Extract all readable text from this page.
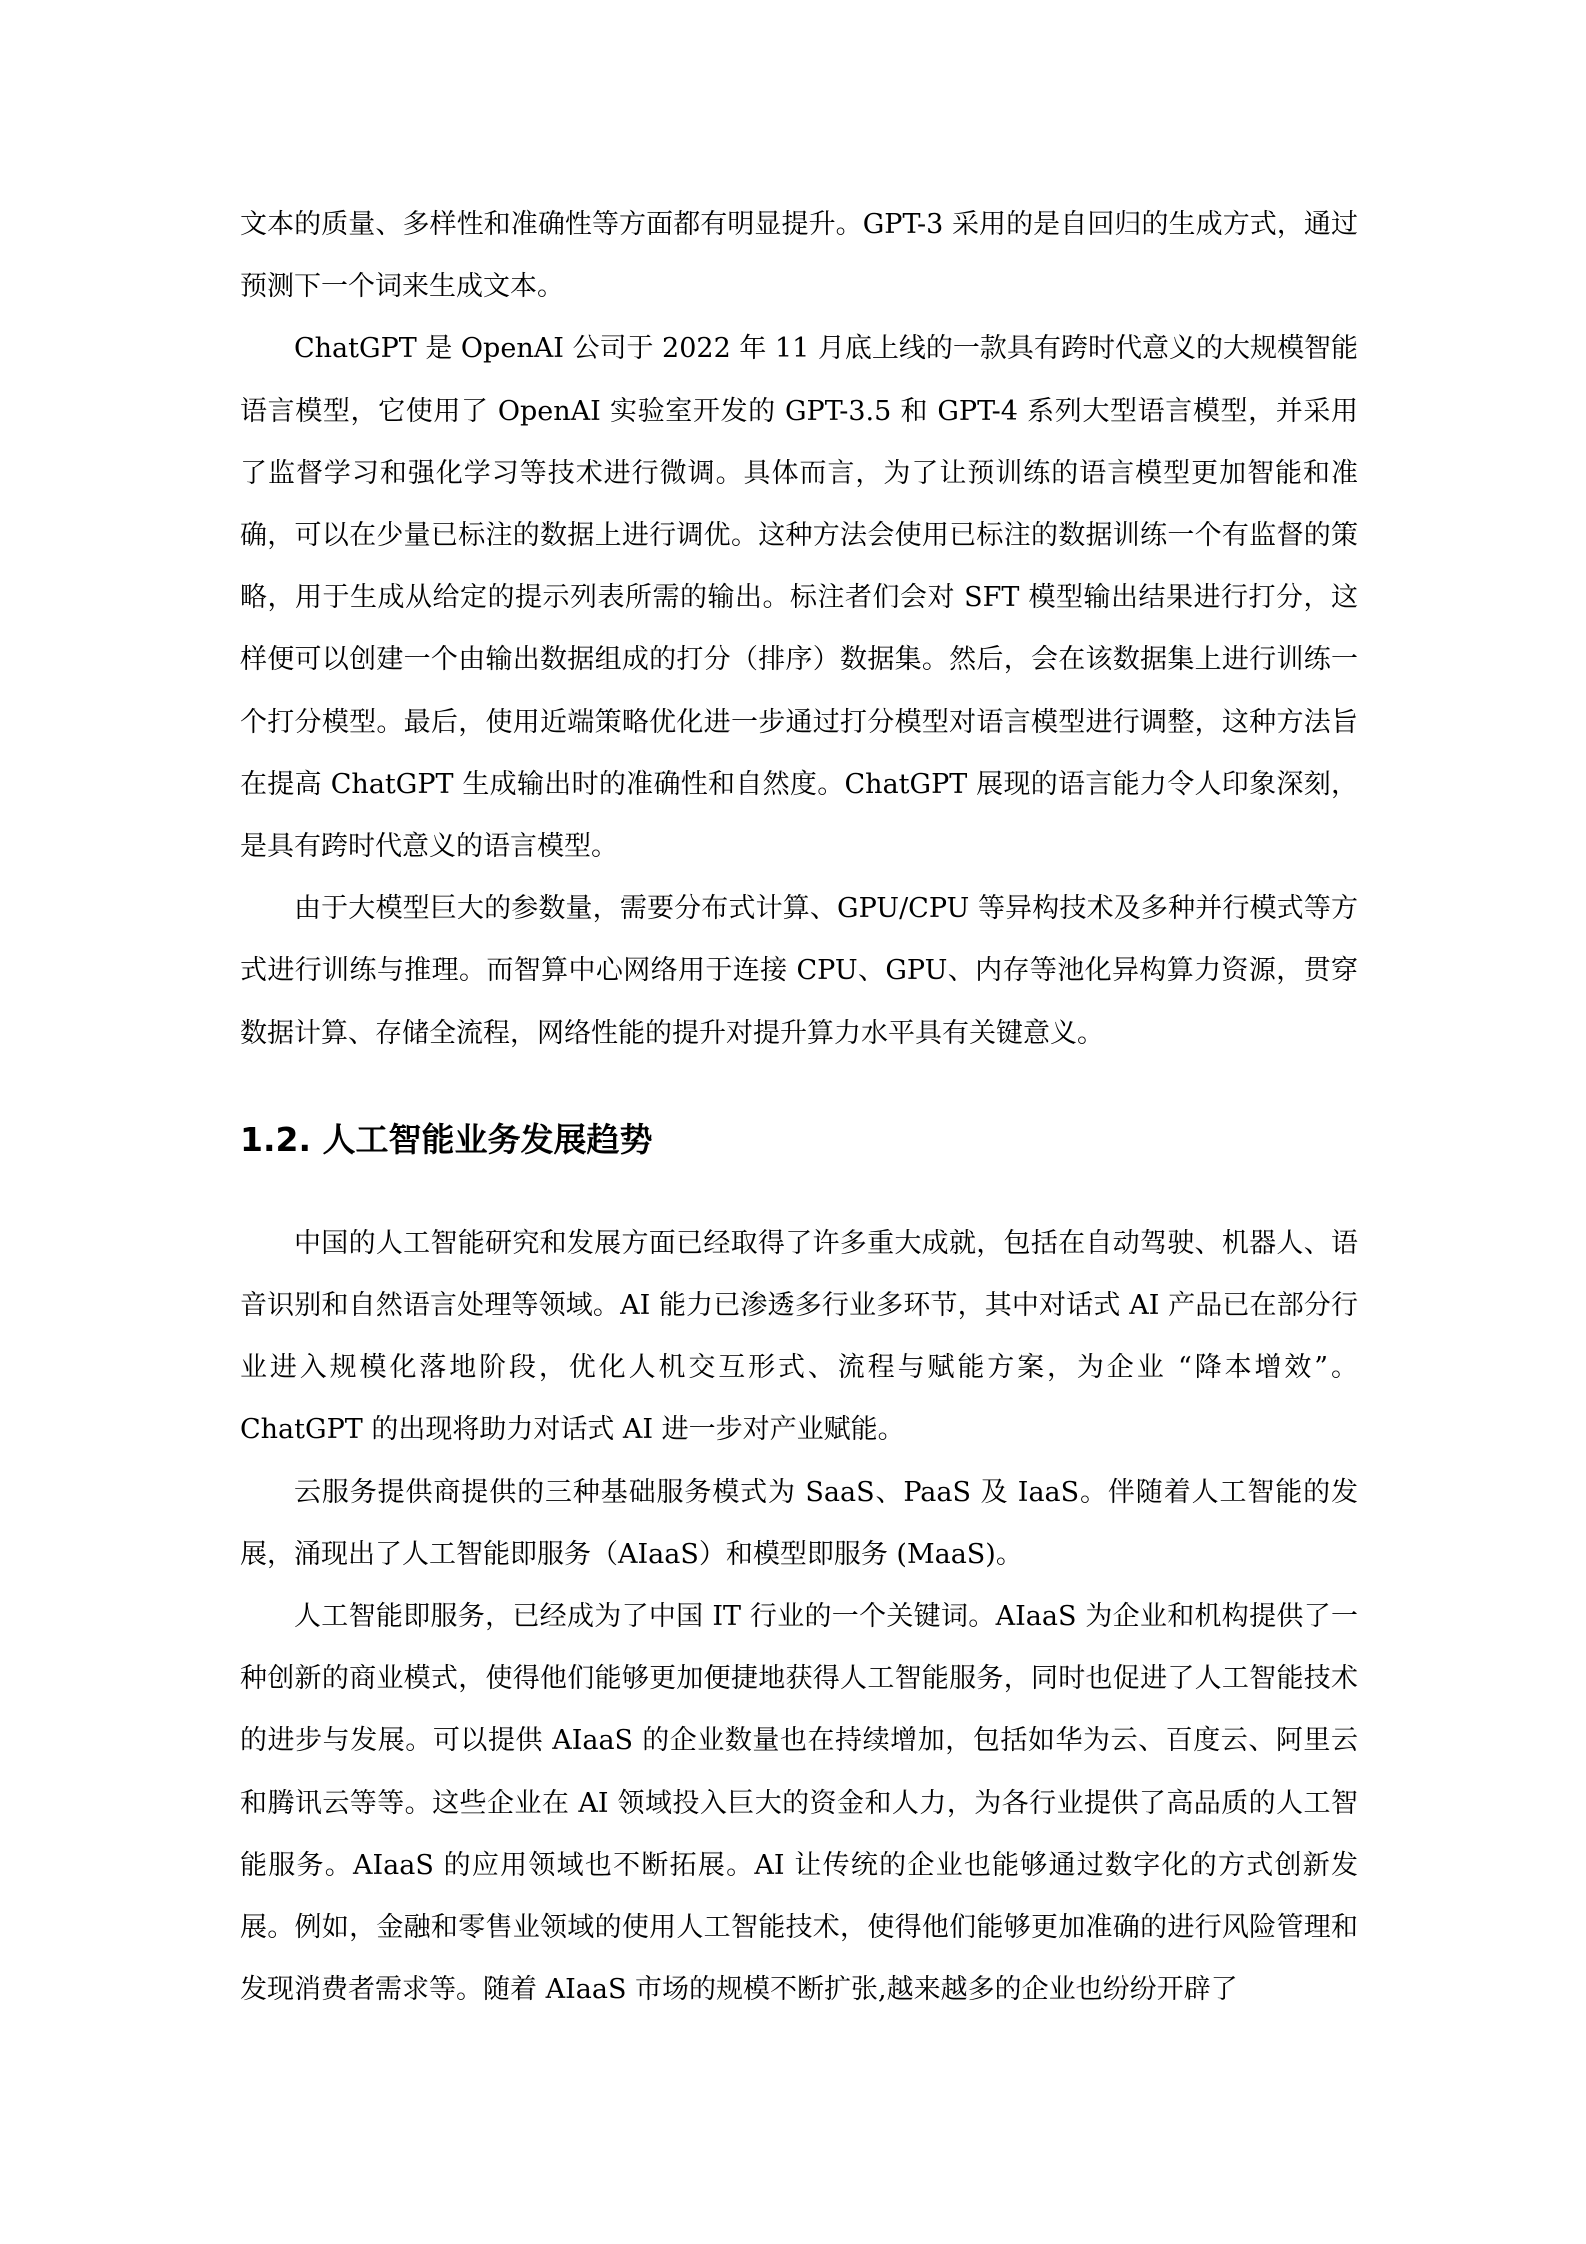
文本的质量、多样性和准确性等方面都有明显提升。GPT-3 采用的是自回归的生成方式，通过预测下一个词来生成文本。

ChatGPT 是 OpenAI 公司于 2022 年 11 月底上线的一款具有跨时代意义的大规模智能语言模型，它使用了 OpenAI 实验室开发的 GPT-3.5 和 GPT-4 系列大型语言模型，并采用了监督学习和强化学习等技术进行微调。具体而言，为了让预训练的语言模型更加智能和准确，可以在少量已标注的数据上进行调优。这种方法会使用已标注的数据训练一个有监督的策略，用于生成从给定的提示列表所需的输出。标注者们会对 SFT 模型输出结果进行打分，这样便可以创建一个由输出数据组成的打分（排序）数据集。然后，会在该数据集上进行训练一个打分模型。最后，使用近端策略优化进一步通过打分模型对语言模型进行调整，这种方法旨在提高 ChatGPT 生成输出时的准确性和自然度。ChatGPT 展现的语言能力令人印象深刻，是具有跨时代意义的语言模型。

由于大模型巨大的参数量，需要分布式计算、GPU/CPU 等异构技术及多种并行模式等方式进行训练与推理。而智算中心网络用于连接 CPU、GPU、内存等池化异构算力资源，贯穿数据计算、存储全流程，网络性能的提升对提升算力水平具有关键意义。

1.2. 人工智能业务发展趋势

中国的人工智能研究和发展方面已经取得了许多重大成就，包括在自动驾驶、机器人、语音识别和自然语言处理等领域。AI 能力已渗透多行业多环节，其中对话式 AI 产品已在部分行业进入规模化落地阶段，优化人机交互形式、流程与赋能方案，为企业 “降本增效”。ChatGPT 的出现将助力对话式 AI 进一步对产业赋能。

云服务提供商提供的三种基础服务模式为 SaaS、PaaS 及 IaaS。伴随着人工智能的发展，涌现出了人工智能即服务（AIaaS）和模型即服务 (MaaS)。

人工智能即服务，已经成为了中国 IT 行业的一个关键词。AIaaS 为企业和机构提供了一种创新的商业模式，使得他们能够更加便捷地获得人工智能服务，同时也促进了人工智能技术的进步与发展。可以提供 AIaaS 的企业数量也在持续增加，包括如华为云、百度云、阿里云和腾讯云等等。这些企业在 AI 领域投入巨大的资金和人力，为各行业提供了高品质的人工智能服务。AIaaS 的应用领域也不断拓展。AI 让传统的企业也能够通过数字化的方式创新发展。例如，金融和零售业领域的使用人工智能技术，使得他们能够更加准确的进行风险管理和发现消费者需求等。随着 AIaaS 市场的规模不断扩张,越来越多的企业也纷纷开辟了
